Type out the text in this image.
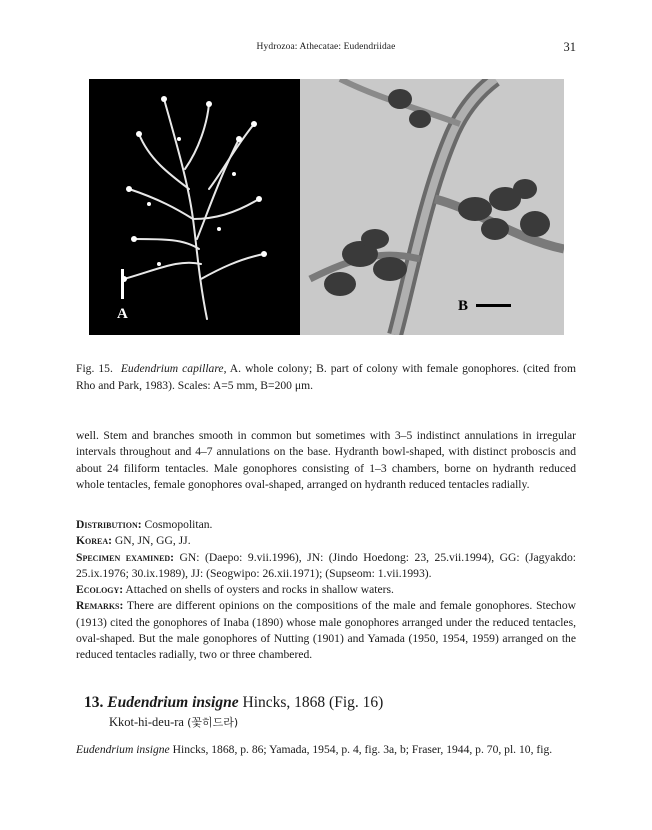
Hydrozoa: Athecatae: Eudendriidae	31
A	B
Fig. 15. Eudendrium capillare, A. whole colony; B. part of colony with female gonophores. (cited from Rho and Park, 1983). Scales: A=5 mm, B=200 μm.

well. Stem and branches smooth in common but sometimes with 3–5 indistinct annulations in irregular intervals throughout and 4–7 annulations on the base. Hydranth bowl-shaped, with distinct proboscis and about 24 filiform tentacles. Male gonophores consisting of 1–3 chambers, borne on hydranth reduced whole tentacles, female gonophores oval-shaped, arranged on hydranth reduced tentacles radially.

Distribution: Cosmopolitan.

Korea: GN, JN, GG, JJ.

Specimen examined: GN: (Daepo: 9.vii.1996), JN: (Jindo Hoedong: 23, 25.vii.1994), GG: (Jagyakdo: 25.ix.1976; 30.ix.1989), JJ: (Seogwipo: 26.xii.1971); (Supseom: 1.vii.1993).

Ecology: Attached on shells of oysters and rocks in shallow waters.

Remarks: There are different opinions on the compositions of the male and female gonophores. Stechow (1913) cited the gonophores of Inaba (1890) whose male gonophores arranged under the reduced tentacles, oval-shaped. But the male gonophores of Nutting (1901) and Yamada (1950, 1954, 1959) arranged on the reduced tentacles radially, two or three chambered.

13. Eudendrium insigne Hincks, 1868 (Fig. 16)
Kkot-hi-deu-ra (꽃히드라)
Eudendrium insigne Hincks, 1868, p. 86; Yamada, 1954, p. 4, fig. 3a, b; Fraser, 1944, p. 70, pl. 10, fig.
